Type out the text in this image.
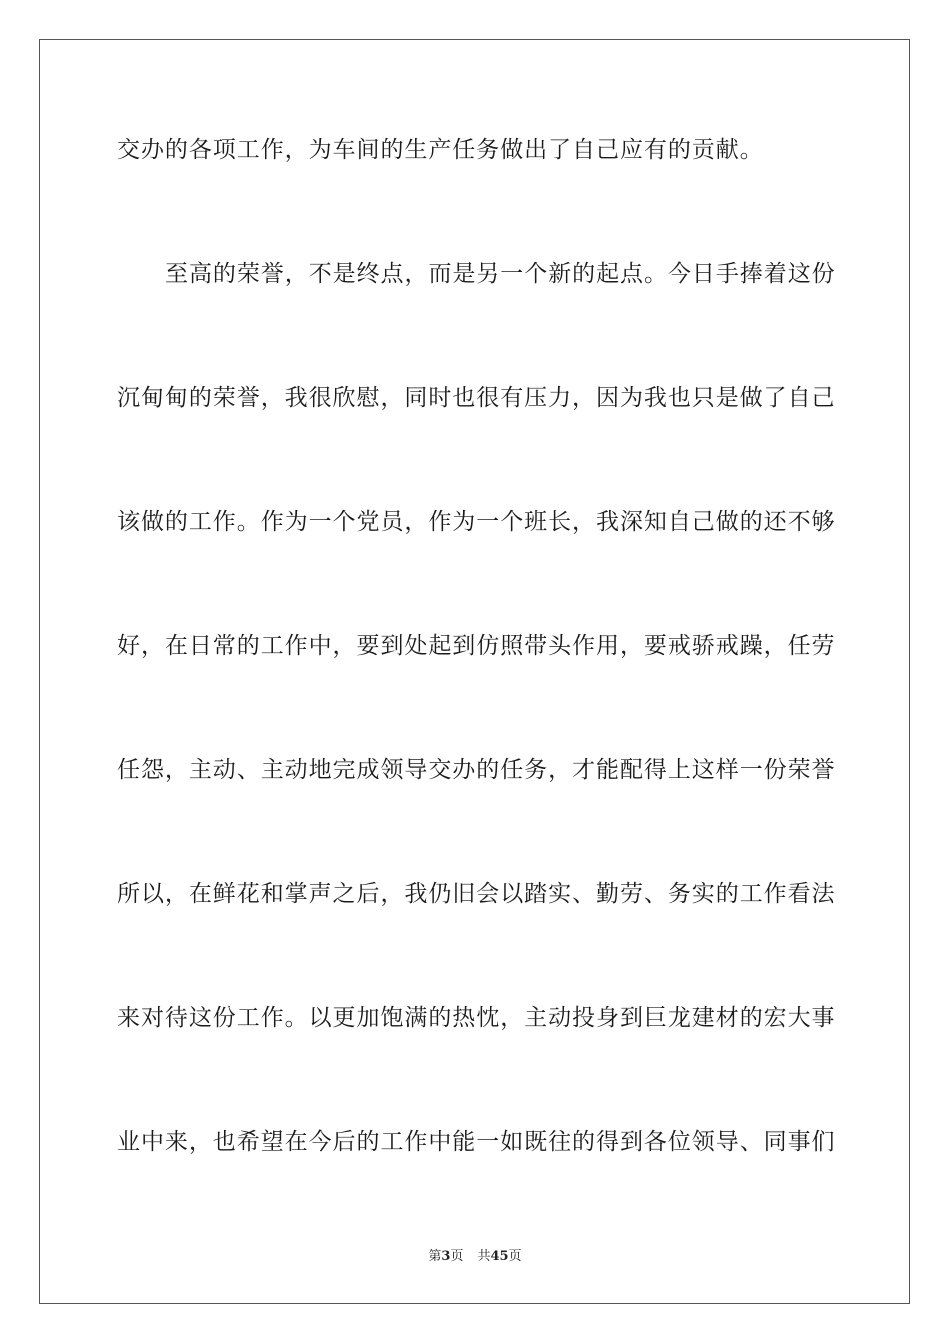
交办的各项工作，为车间的生产任务做出了自己应有的贡献。

至高的荣誉，不是终点，而是另一个新的起点。今日手捧着这份

沉甸甸的荣誉，我很欣慰，同时也很有压力，因为我也只是做了自己

该做的工作。作为一个党员，作为一个班长，我深知自己做的还不够

好，在日常的工作中，要到处起到仿照带头作用，要戒骄戒躁，任劳

任怨，主动、主动地完成领导交办的任务，才能配得上这样一份荣誉

所以，在鲜花和掌声之后，我仍旧会以踏实、勤劳、务实的工作看法

来对待这份工作。以更加饱满的热忱，主动投身到巨龙建材的宏大事

业中来，也希望在今后的工作中能一如既往的得到各位领导、同事们

第3页 共45页
